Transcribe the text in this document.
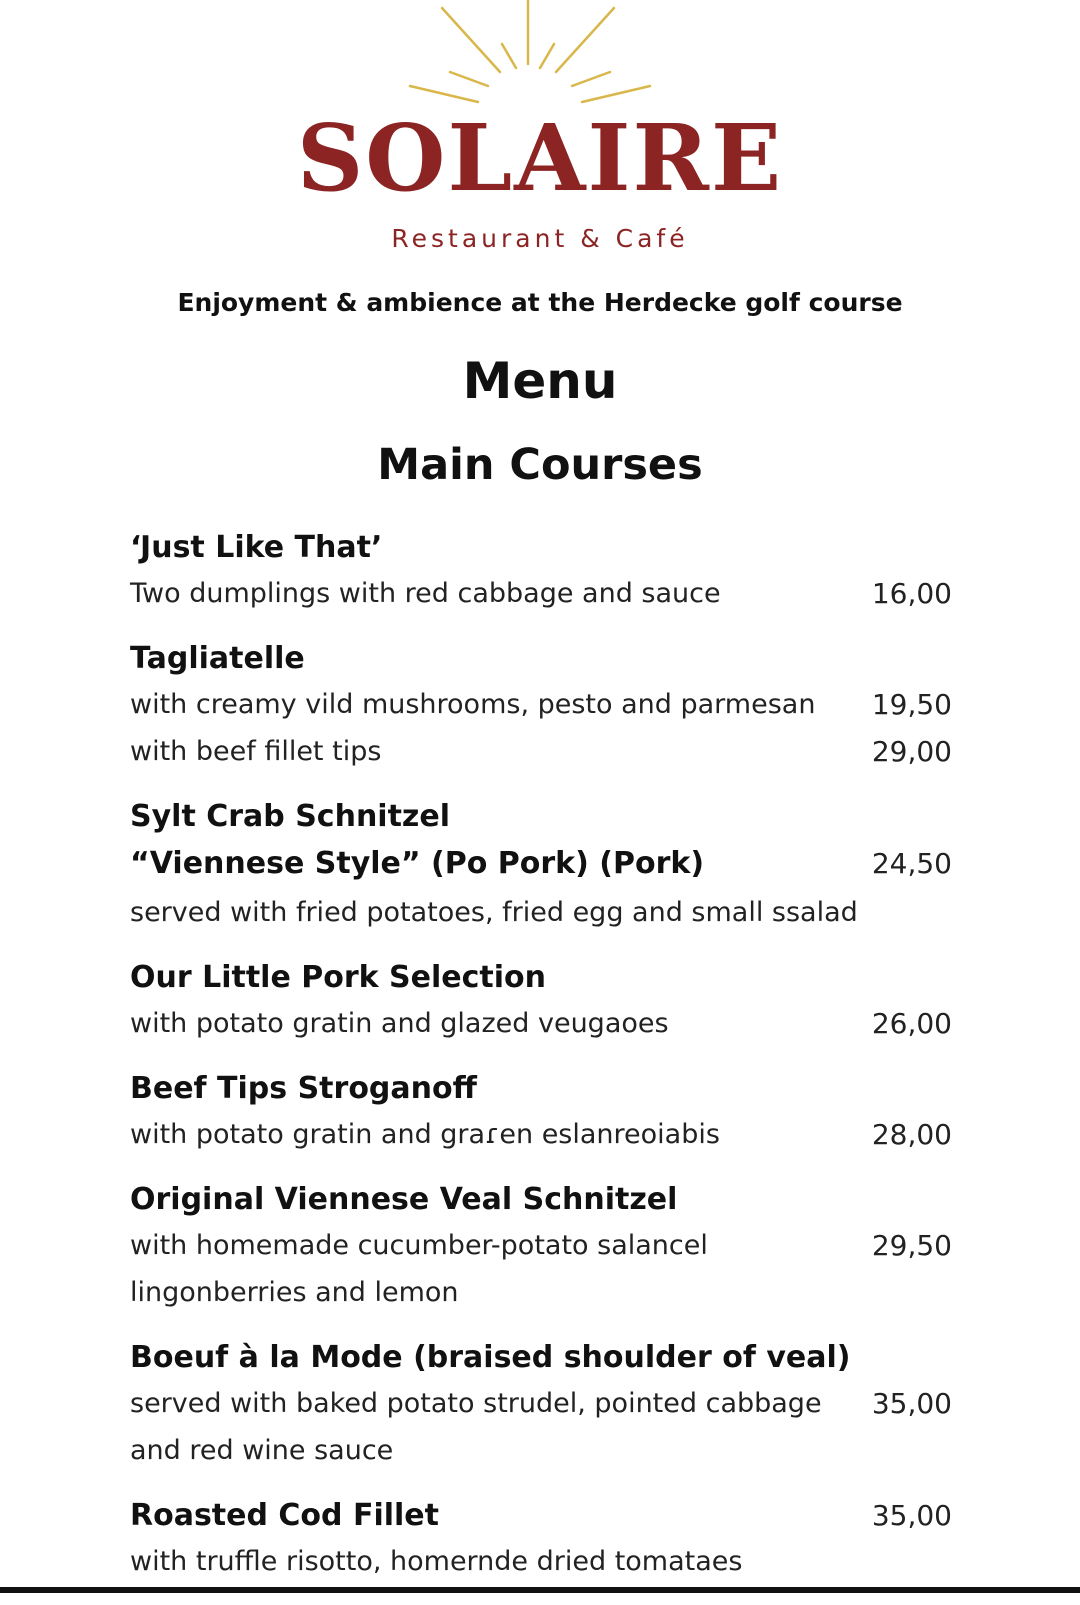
SOLAIRE
Restaurant & Café
Enjoyment & ambience at the Herdecke golf course
Menu
Main Courses
‘Just Like That’
Two dumplings with red cabbage and sauce	16,00
Tagliatelle
with creamy vild mushrooms, pesto and parmesan 19,50
with beef fillet tips	29,00
Sylt Crab Schnitzel
“Viennese Style” (Po Pork) (Pork)	24,50
served with fried potatoes, fried egg and small ssalad
Our Little Pork Selection
with potato gratin and glazed veugaoes	26,00
Beef Tips Stroganoff
with potato gratin and graɾen eslanreoiabis	28,00
Original Viennese Veal Schnitzel
with homemade cucumber-potato salancel	29,50
lingonberries and lemon
Boeuf à la Mode (braised shoulder of veal)
served with baked potato strudel, pointed cabbage 35,00
and red wine sauce
Roasted Cod Fillet	35,00
with truffle risotto, homernde dried tomataes
